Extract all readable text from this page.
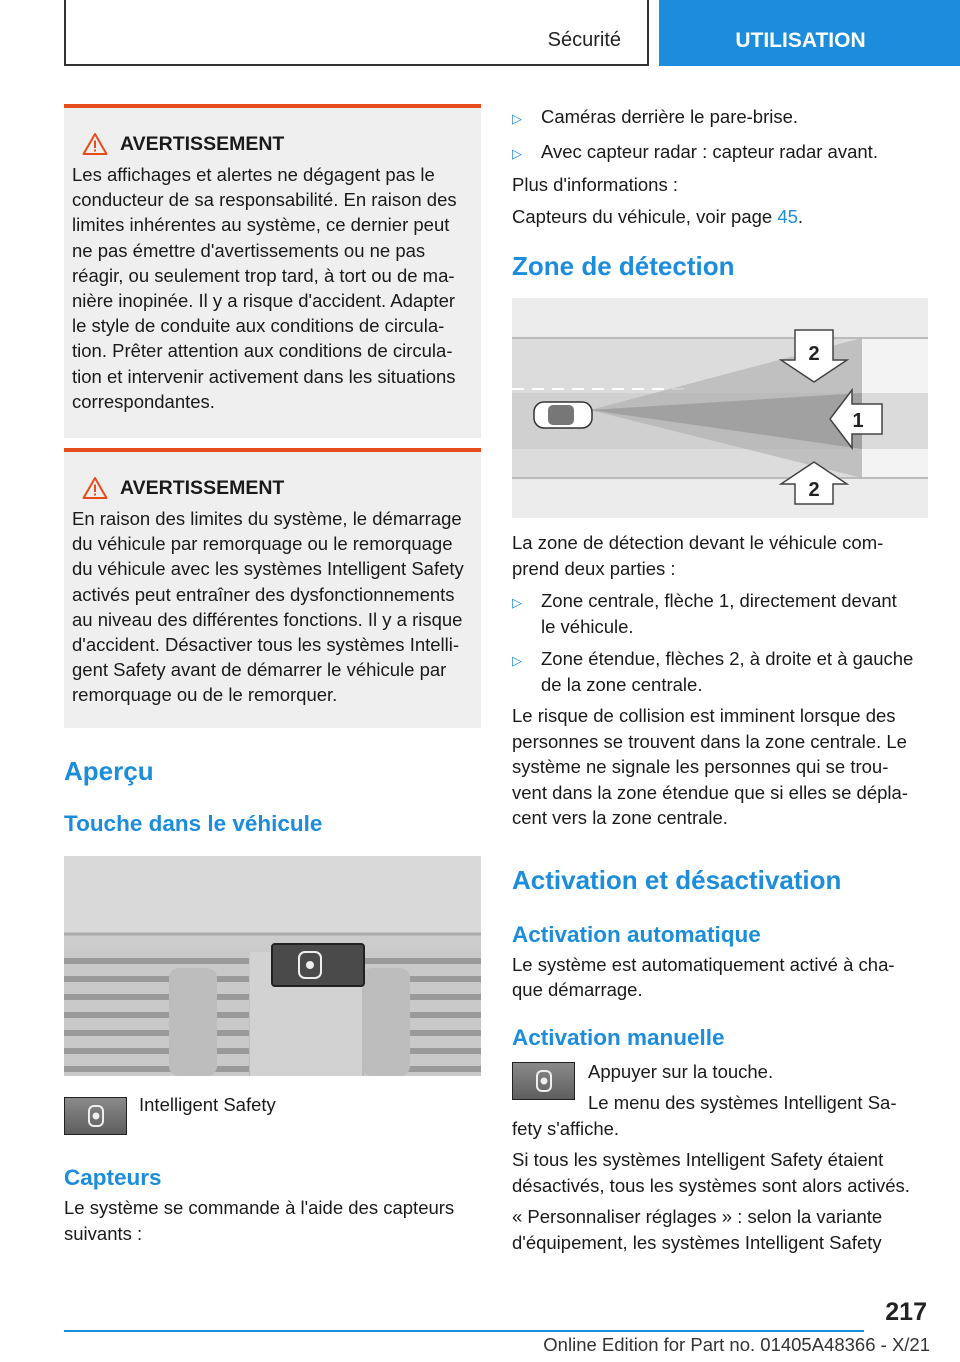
Sécurité	UTILISATION
AVERTISSEMENT
Les affichages et alertes ne dégagent pas le
conducteur de sa responsabilité. En raison des
limites inhérentes au système, ce dernier peut
ne pas émettre d'avertissements ou ne pas
réagir, ou seulement trop tard, à tort ou de ma‐
nière inopinée. Il y a risque d'accident. Adapter
le style de conduite aux conditions de circula‐
tion. Prêter attention aux conditions de circula‐
tion et intervenir activement dans les situations
correspondantes.
AVERTISSEMENT
En raison des limites du système, le démarrage
du véhicule par remorquage ou le remorquage
du véhicule avec les systèmes Intelligent Safety
activés peut entraîner des dysfonctionnements
au niveau des différentes fonctions. Il y a risque
d'accident. Désactiver tous les systèmes Intelli‐
gent Safety avant de démarrer le véhicule par
remorquage ou de le remorquer.
Aperçu
Touche dans le véhicule
Intelligent Safety
Capteurs

Le système se commande à l'aide des capteurs
suivants :

▷	Caméras derrière le pare-brise.
▷	Avec capteur radar : capteur radar avant.

Plus d'informations :

Capteurs du véhicule, voir page 45.

Zone de détection
2
1
2

La zone de détection devant le véhicule com‐
prend deux parties :

▷	Zone centrale, flèche 1, directement devant
le véhicule.
▷	Zone étendue, flèches 2, à droite et à gauche
de la zone centrale.

Le risque de collision est imminent lorsque des
personnes se trouvent dans la zone centrale. Le
système ne signale les personnes qui se trou‐
vent dans la zone étendue que si elles se dépla‐
cent vers la zone centrale.

Activation et désactivation
Activation automatique

Le système est automatiquement activé à cha‐
que démarrage.

Activation manuelle

Appuyer sur la touche.

Le menu des systèmes Intelligent Sa‐

fety s'affiche.

Si tous les systèmes Intelligent Safety étaient
désactivés, tous les systèmes sont alors activés.

« Personnaliser réglages » : selon la variante
d'équipement, les systèmes Intelligent Safety

217
Online Edition for Part no. 01405A48366 - X/21
